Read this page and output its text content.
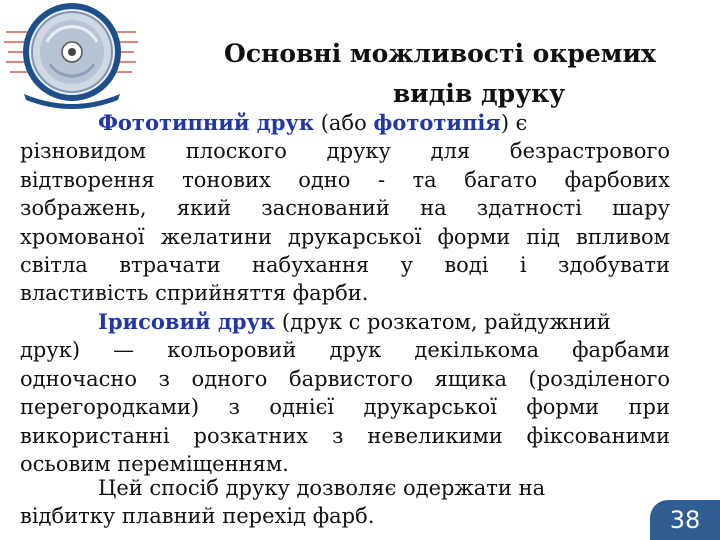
Основні можливості окремих
видів друку
Фототипний друк (або фототипія) є
різновидом плоского друку для безрастрового
відтворення тонових одно - та багато фарбових
зображень, який заснований на здатності шару
хромованої желатини друкарської форми під впливом
світла втрачати набухання у воді і здобувати
властивість сприйняття фарби.
Ірисовий друк (друк с розкатом, райдужний
друк) — кольоровий друк декількома фарбами
одночасно з одного барвистого ящика (розділеного
перегородками) з однієї друкарської форми при
використанні розкатних з невеликими фіксованими
осьовим переміщенням.
Цей спосіб друку дозволяє одержати на
відбитку плавний перехід фарб.	38
